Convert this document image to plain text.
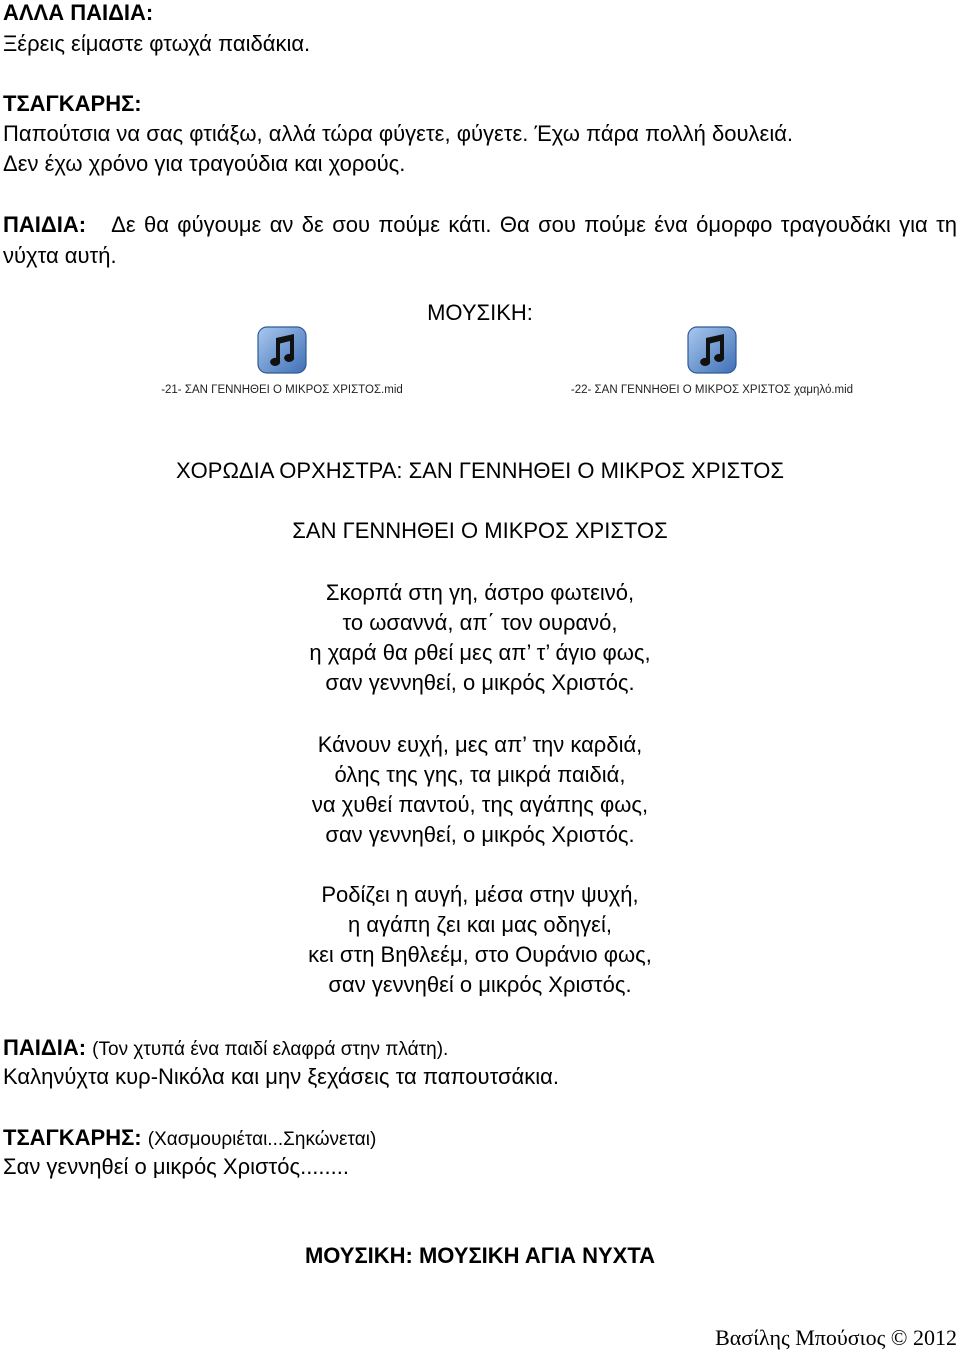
ΑΛΛΑ ΠΑΙΔΙΑ:
Ξέρεις είμαστε φτωχά παιδάκια.
ΤΣΑΓΚΑΡΗΣ:
Παπούτσια να σας φτιάξω, αλλά τώρα φύγετε, φύγετε. Έχω πάρα πολλή δουλειά.
Δεν έχω χρόνο για τραγούδια και χορούς.
ΠΑΙΔΙΑ: Δε θα φύγουμε αν δε σου πούμε κάτι. Θα σου πούμε ένα όμορφο τραγουδάκι για τη νύχτα αυτή.
ΜΟΥΣΙΚΗ:
-21- ΣΑΝ ΓΕΝΝΗΘΕΙ Ο ΜΙΚΡΟΣ ΧΡΙΣΤΟΣ.mid	-22- ΣΑΝ ΓΕΝΝΗΘΕΙ Ο ΜΙΚΡΟΣ ΧΡΙΣΤΟΣ χαμηλό.mid
ΧΟΡΩΔΙΑ ΟΡΧΗΣΤΡΑ: ΣΑΝ ΓΕΝΝΗΘΕΙ Ο ΜΙΚΡΟΣ ΧΡΙΣΤΟΣ
ΣΑΝ ΓΕΝΝΗΘΕΙ Ο ΜΙΚΡΟΣ ΧΡΙΣΤΟΣ
Σκορπά στη γη, άστρο φωτεινό,
το ωσαννά, απ΄ τον ουρανό,
η χαρά θα ρθεί μες απ’ τ’ άγιο φως,
σαν γεννηθεί, ο μικρός Χριστός.
Κάνουν ευχή, μες απ’ την καρδιά,
όλης της γης, τα μικρά παιδιά,
να χυθεί παντού, της αγάπης φως,
σαν γεννηθεί, ο μικρός Χριστός.
Ροδίζει η αυγή, μέσα στην ψυχή,
η αγάπη ζει και μας οδηγεί,
κει στη Βηθλεέμ, στο Ουράνιο φως,
σαν γεννηθεί ο μικρός Χριστός.
ΠΑΙΔΙΑ: (Τον χτυπά ένα παιδί ελαφρά στην πλάτη).
Καληνύχτα κυρ-Νικόλα και μην ξεχάσεις τα παπουτσάκια.
ΤΣΑΓΚΑΡΗΣ: (Χασμουριέται...Σηκώνεται)
Σαν γεννηθεί ο μικρός Χριστός........
ΜΟΥΣΙΚΗ: ΜΟΥΣΙΚΗ ΑΓΙΑ ΝΥΧΤΑ
Βασίλης Μπούσιος © 2012
